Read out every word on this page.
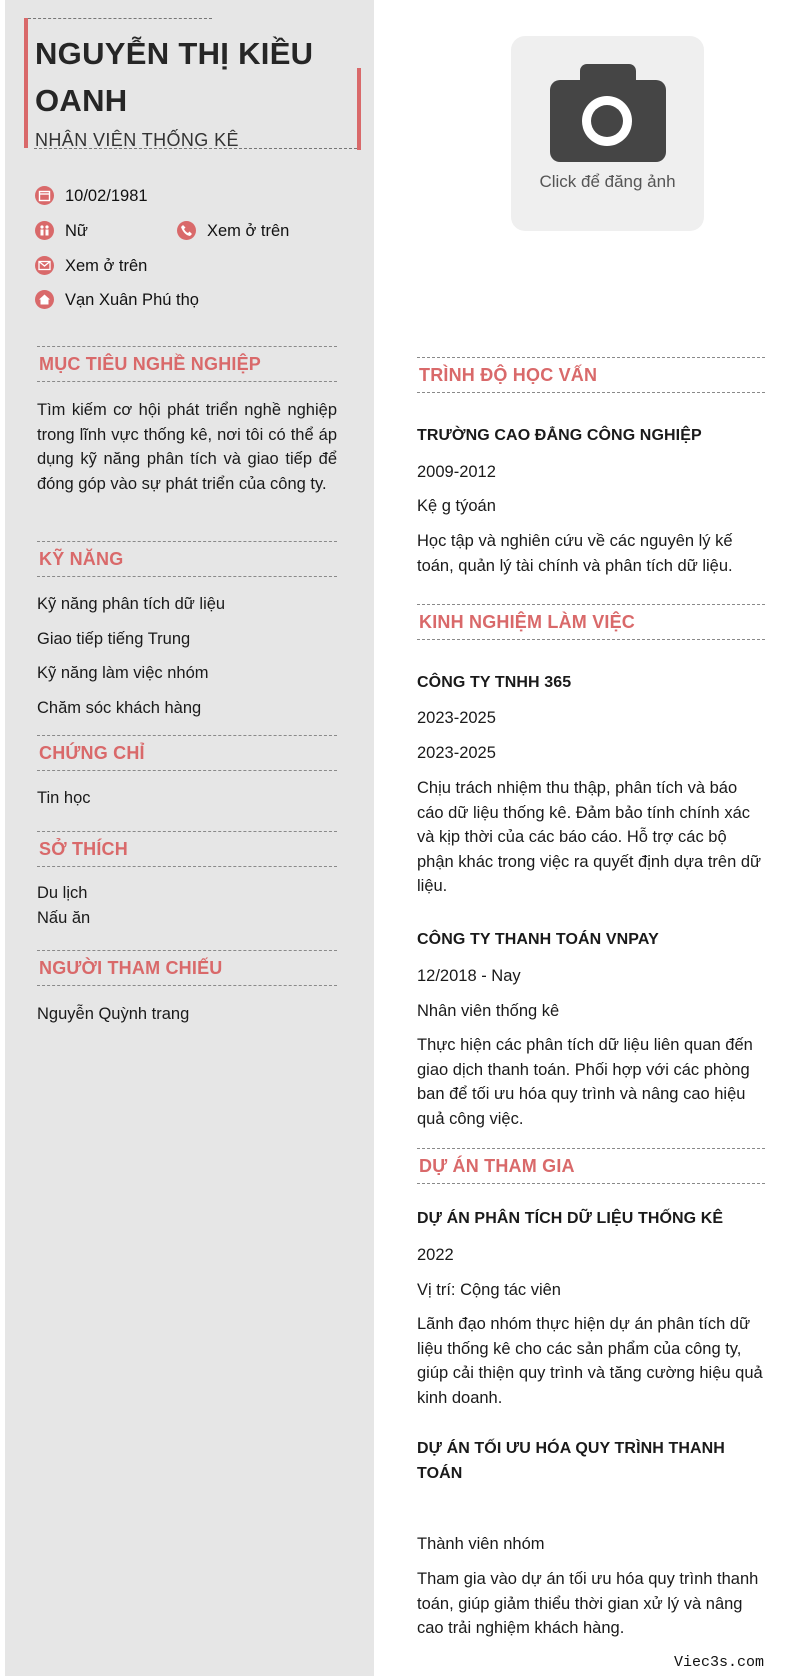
NGUYỄN THỊ KIỀU OANH
NHÂN VIÊN THỐNG KÊ
10/02/1981
Nữ	Xem ở trên
Xem ở trên
Vạn Xuân Phú thọ
MỤC TIÊU NGHỀ NGHIỆP
Tìm kiếm cơ hội phát triển nghề nghiệp trong lĩnh vực thống kê, nơi tôi có thể áp dụng kỹ năng phân tích và giao tiếp để đóng góp vào sự phát triển của công ty.
KỸ NĂNG
Kỹ năng phân tích dữ liệu
Giao tiếp tiếng Trung
Kỹ năng làm việc nhóm
Chăm sóc khách hàng
CHỨNG CHỈ
Tin học
SỞ THÍCH
Du lịch
Nấu ăn
NGƯỜI THAM CHIẾU
Nguyễn Quỳnh trang
Click để đăng ảnh
TRÌNH ĐỘ HỌC VẤN
TRƯỜNG CAO ĐẲNG CÔNG NGHIỆP
2009-2012
Kệ g týoán
Học tập và nghiên cứu về các nguyên lý kế toán, quản lý tài chính và phân tích dữ liệu.
KINH NGHIỆM LÀM VIỆC
CÔNG TY TNHH 365
2023-2025
2023-2025
Chịu trách nhiệm thu thập, phân tích và báo cáo dữ liệu thống kê. Đảm bảo tính chính xác và kịp thời của các báo cáo. Hỗ trợ các bộ phận khác trong việc ra quyết định dựa trên dữ liệu.
CÔNG TY THANH TOÁN VNPAY
12/2018 - Nay
Nhân viên thống kê
Thực hiện các phân tích dữ liệu liên quan đến giao dịch thanh toán. Phối hợp với các phòng ban để tối ưu hóa quy trình và nâng cao hiệu quả công việc.
DỰ ÁN THAM GIA
DỰ ÁN PHÂN TÍCH DỮ LIỆU THỐNG KÊ
2022
Vị trí: Cộng tác viên
Lãnh đạo nhóm thực hiện dự án phân tích dữ liệu thống kê cho các sản phẩm của công ty, giúp cải thiện quy trình và tăng cường hiệu quả kinh doanh.
DỰ ÁN TỐI ƯU HÓA QUY TRÌNH THANH TOÁN
Thành viên nhóm
Tham gia vào dự án tối ưu hóa quy trình thanh toán, giúp giảm thiểu thời gian xử lý và nâng cao trải nghiệm khách hàng.
Viec3s.com
